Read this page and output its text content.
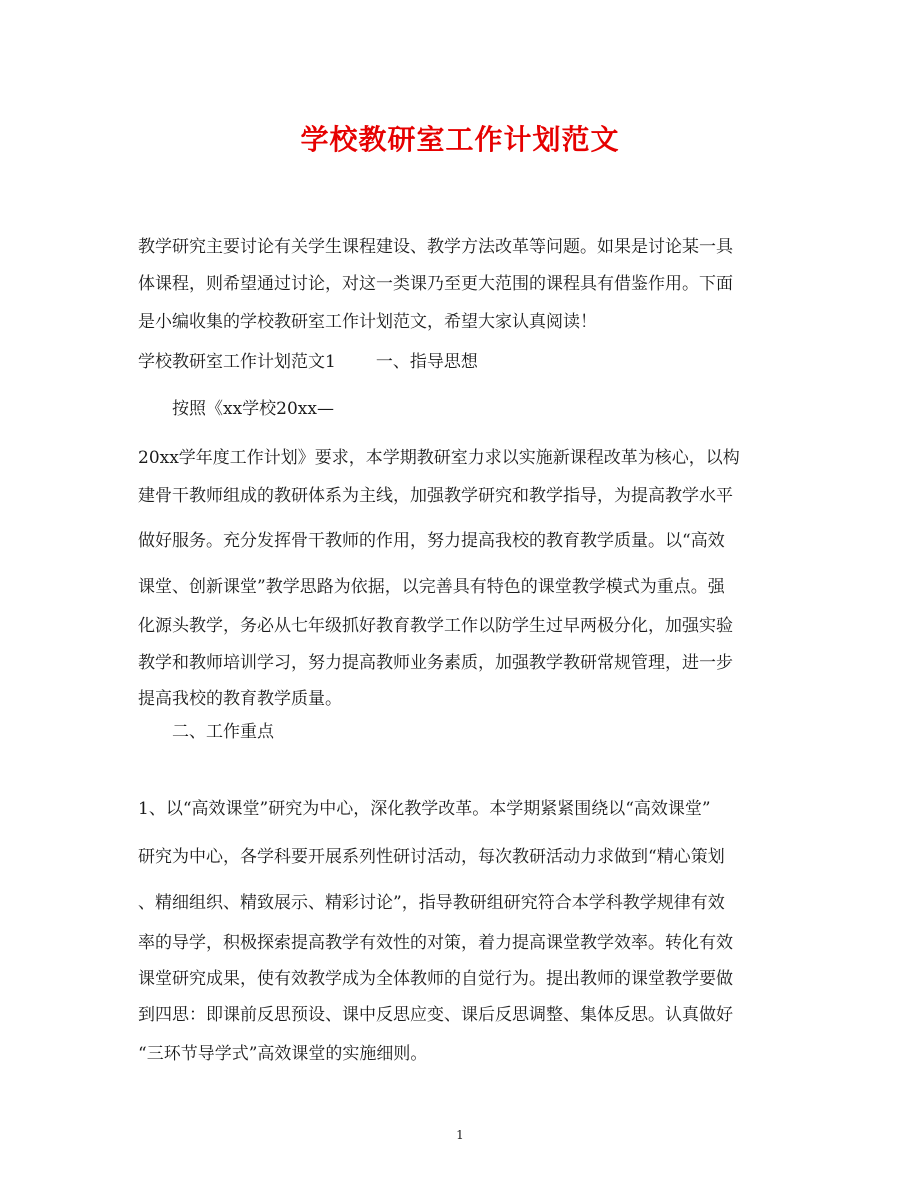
学校教研室工作计划范文
教学研究主要讨论有关学生课程建设、教学方法改革等问题。如果是讨论某一具
体课程，则希望通过讨论，对这一类课乃至更大范围的课程具有借鉴作用。下面
是小编收集的学校教研室工作计划范文，希望大家认真阅读！
学校教研室工作计划范文1 一、指导思想
按照《xx学校20xx—
20xx学年度工作计划》要求，本学期教研室力求以实施新课程改革为核心，以构
建骨干教师组成的教研体系为主线，加强教学研究和教学指导，为提高教学水平
做好服务。充分发挥骨干教师的作用，努力提高我校的教育教学质量。以“高效
课堂、创新课堂”教学思路为依据，以完善具有特色的课堂教学模式为重点。强
化源头教学，务必从七年级抓好教育教学工作以防学生过早两极分化，加强实验
教学和教师培训学习，努力提高教师业务素质，加强教学教研常规管理，进一步
提高我校的教育教学质量。
二、工作重点
1、以“高效课堂”研究为中心，深化教学改革。本学期紧紧围绕以“高效课堂”
研究为中心，各学科要开展系列性研讨活动，每次教研活动力求做到“精心策划
、精细组织、精致展示、精彩讨论”，指导教研组研究符合本学科教学规律有效
率的导学，积极探索提高教学有效性的对策，着力提高课堂教学效率。转化有效
课堂研究成果，使有效教学成为全体教师的自觉行为。提出教师的课堂教学要做
到四思：即课前反思预设、课中反思应变、课后反思调整、集体反思。认真做好
“三环节导学式”高效课堂的实施细则。
1
